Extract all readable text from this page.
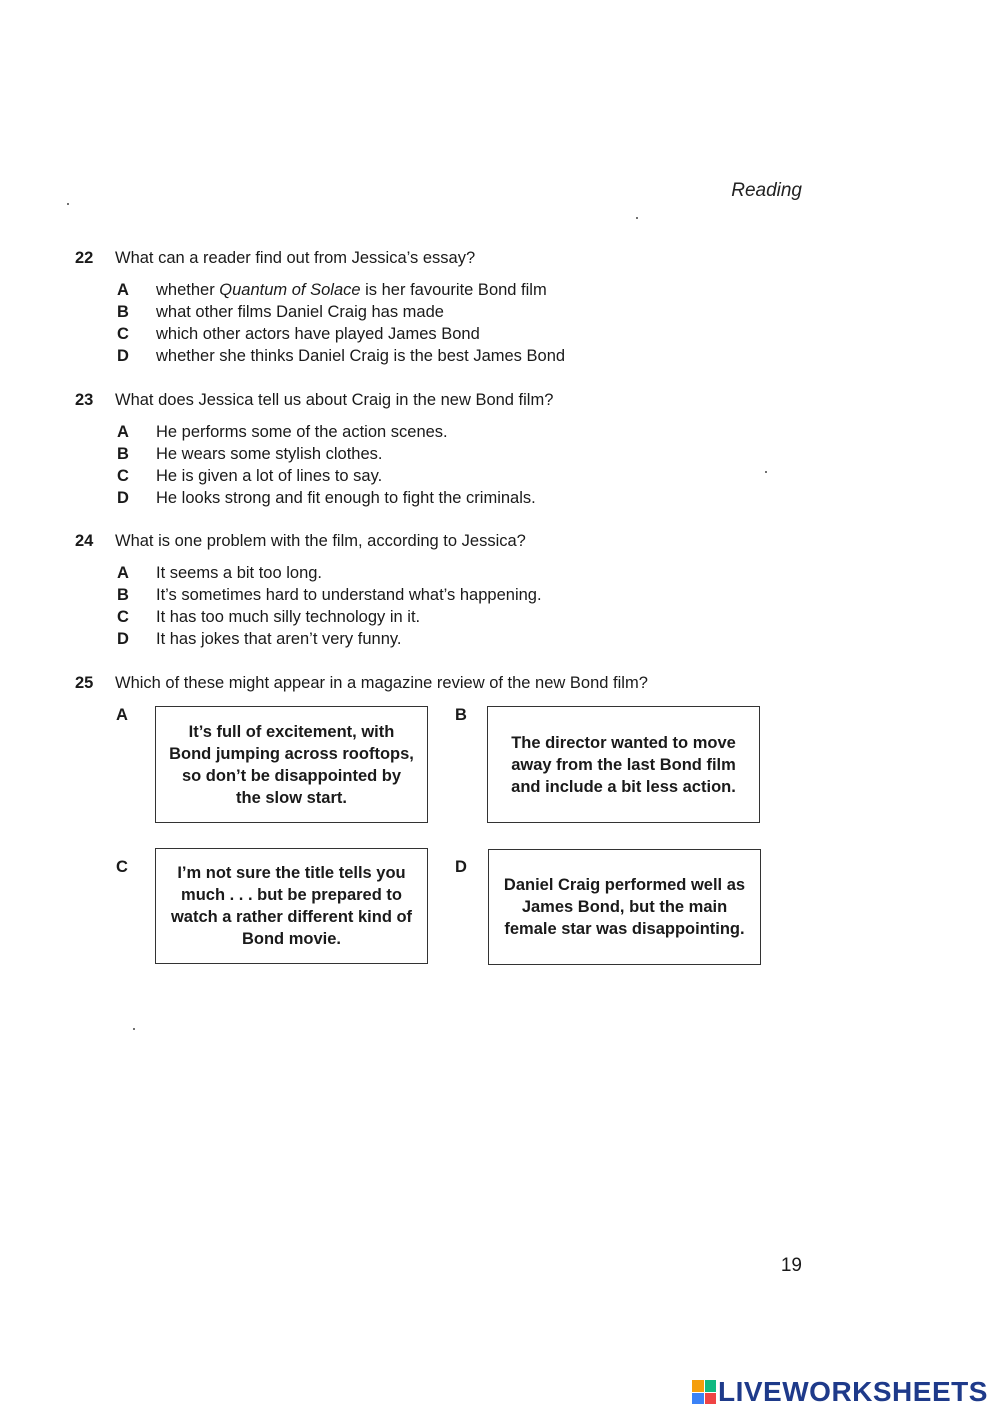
Reading
22	What can a reader find out from Jessica’s essay?
A	whether Quantum of Solace is her favourite Bond film
B	what other films Daniel Craig has made
C	which other actors have played James Bond
D	whether she thinks Daniel Craig is the best James Bond
23	What does Jessica tell us about Craig in the new Bond film?
A	He performs some of the action scenes.
B	He wears some stylish clothes.
C	He is given a lot of lines to say.
D	He looks strong and fit enough to fight the criminals.
24	What is one problem with the film, according to Jessica?
A	It seems a bit too long.
B	It’s sometimes hard to understand what’s happening.
C	It has too much silly technology in it.
D	It has jokes that aren’t very funny.
25	Which of these might appear in a magazine review of the new Bond film?
A
It’s full of excitement, with Bond jumping across rooftops, so don’t be disappointed by the slow start.
B
The director wanted to move away from the last Bond film and include a bit less action.
C	I’m not sure the title tells you much . . . but be prepared to watch a rather different kind of Bond movie.
D
Daniel Craig performed well as James Bond, but the main female star was disappointing.
19
LIVEWORKSHEETS
